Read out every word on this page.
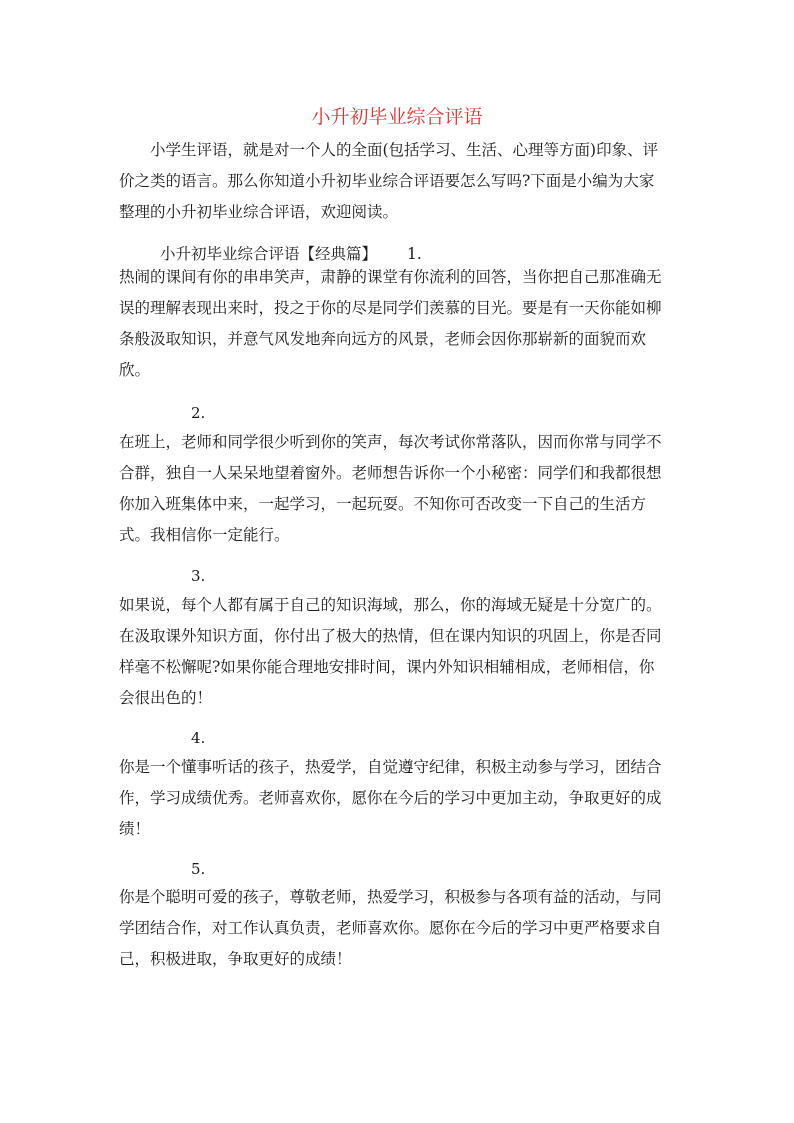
小升初毕业综合评语

小学生评语，就是对一个人的全面(包括学习、生活、心理等方面)印象、评价之类的语言。那么你知道小升初毕业综合评语要怎么写吗?下面是小编为大家整理的小升初毕业综合评语，欢迎阅读。

小升初毕业综合评语【经典篇】 1.

热闹的课间有你的串串笑声，肃静的课堂有你流利的回答，当你把自己那准确无误的理解表现出来时，投之于你的尽是同学们羡慕的目光。要是有一天你能如柳条般汲取知识，并意气风发地奔向远方的风景，老师会因你那崭新的面貌而欢欣。

2.

在班上，老师和同学很少听到你的笑声，每次考试你常落队，因而你常与同学不合群，独自一人呆呆地望着窗外。老师想告诉你一个小秘密：同学们和我都很想你加入班集体中来，一起学习，一起玩耍。不知你可否改变一下自己的生活方式。我相信你一定能行。

3.

如果说，每个人都有属于自己的知识海域，那么，你的海域无疑是十分宽广的。在汲取课外知识方面，你付出了极大的热情，但在课内知识的巩固上，你是否同样毫不松懈呢?如果你能合理地安排时间，课内外知识相辅相成，老师相信，你会很出色的！

4.

你是一个懂事听话的孩子，热爱学，自觉遵守纪律，积极主动参与学习，团结合作，学习成绩优秀。老师喜欢你，愿你在今后的学习中更加主动，争取更好的成绩！

5.

你是个聪明可爱的孩子，尊敬老师，热爱学习，积极参与各项有益的活动，与同学团结合作，对工作认真负责，老师喜欢你。愿你在今后的学习中更严格要求自己，积极进取，争取更好的成绩！
